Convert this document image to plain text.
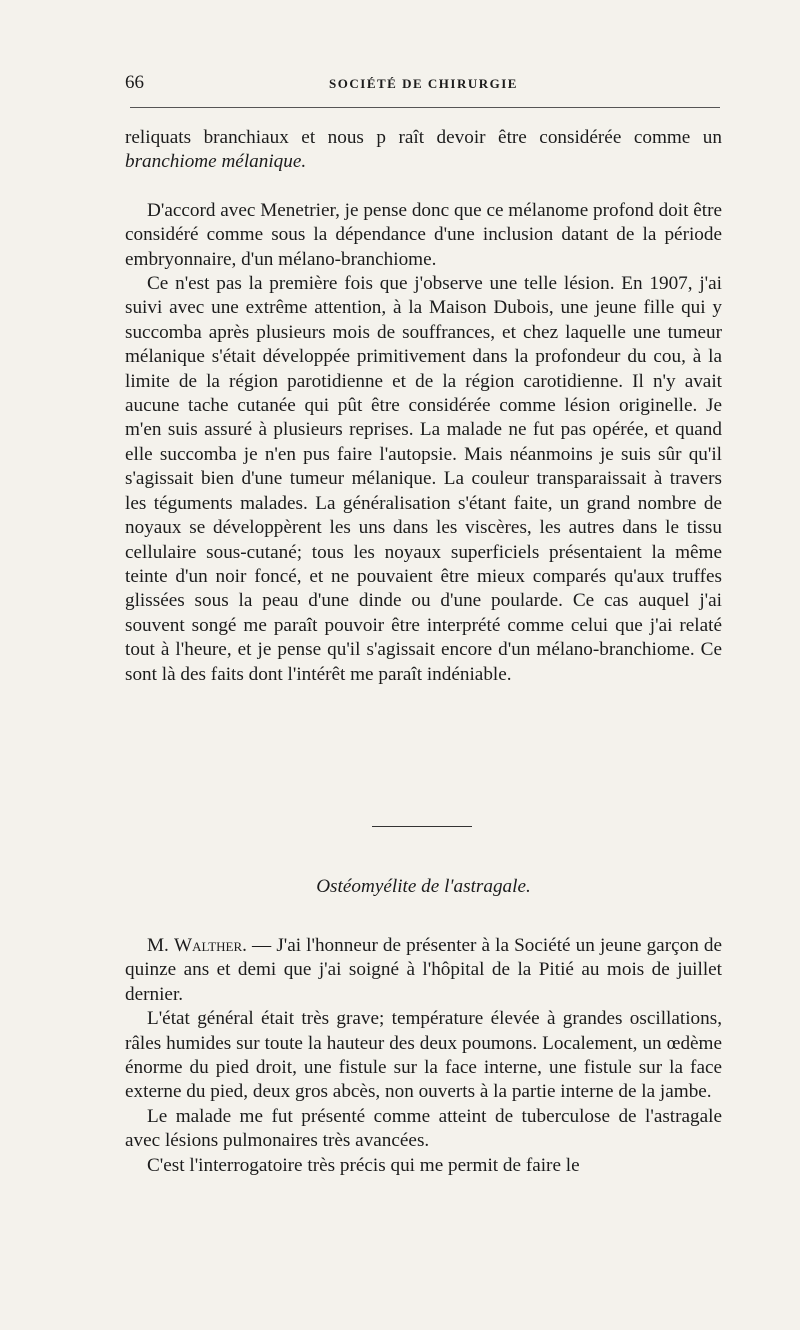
66	SOCIÉTÉ DE CHIRURGIE

reliquats branchiaux et nous p raît devoir être considérée comme un branchiome mélanique.

D'accord avec Menetrier, je pense donc que ce mélanome profond doit être considéré comme sous la dépendance d'une inclusion datant de la période embryonnaire, d'un mélano-branchiome.

Ce n'est pas la première fois que j'observe une telle lésion. En 1907, j'ai suivi avec une extrême attention, à la Maison Dubois, une jeune fille qui y succomba après plusieurs mois de souffrances, et chez laquelle une tumeur mélanique s'était développée primitivement dans la profondeur du cou, à la limite de la région parotidienne et de la région carotidienne. Il n'y avait aucune tache cutanée qui pût être considérée comme lésion originelle. Je m'en suis assuré à plusieurs reprises. La malade ne fut pas opérée, et quand elle succomba je n'en pus faire l'autopsie. Mais néanmoins je suis sûr qu'il s'agissait bien d'une tumeur mélanique. La couleur transparaissait à travers les téguments malades. La généralisation s'étant faite, un grand nombre de noyaux se développèrent les uns dans les viscères, les autres dans le tissu cellulaire sous-cutané; tous les noyaux superficiels présentaient la même teinte d'un noir foncé, et ne pouvaient être mieux comparés qu'aux truffes glissées sous la peau d'une dinde ou d'une poularde. Ce cas auquel j'ai souvent songé me paraît pouvoir être interprété comme celui que j'ai relaté tout à l'heure, et je pense qu'il s'agissait encore d'un mélano-branchiome. Ce sont là des faits dont l'intérêt me paraît indéniable.

Ostéomyélite de l'astragale.

M. Walther. — J'ai l'honneur de présenter à la Société un jeune garçon de quinze ans et demi que j'ai soigné à l'hôpital de la Pitié au mois de juillet dernier.

L'état général était très grave; température élevée à grandes oscillations, râles humides sur toute la hauteur des deux poumons. Localement, un œdème énorme du pied droit, une fistule sur la face interne, une fistule sur la face externe du pied, deux gros abcès, non ouverts à la partie interne de la jambe.

Le malade me fut présenté comme atteint de tuberculose de l'astragale avec lésions pulmonaires très avancées.

C'est l'interrogatoire très précis qui me permit de faire le
